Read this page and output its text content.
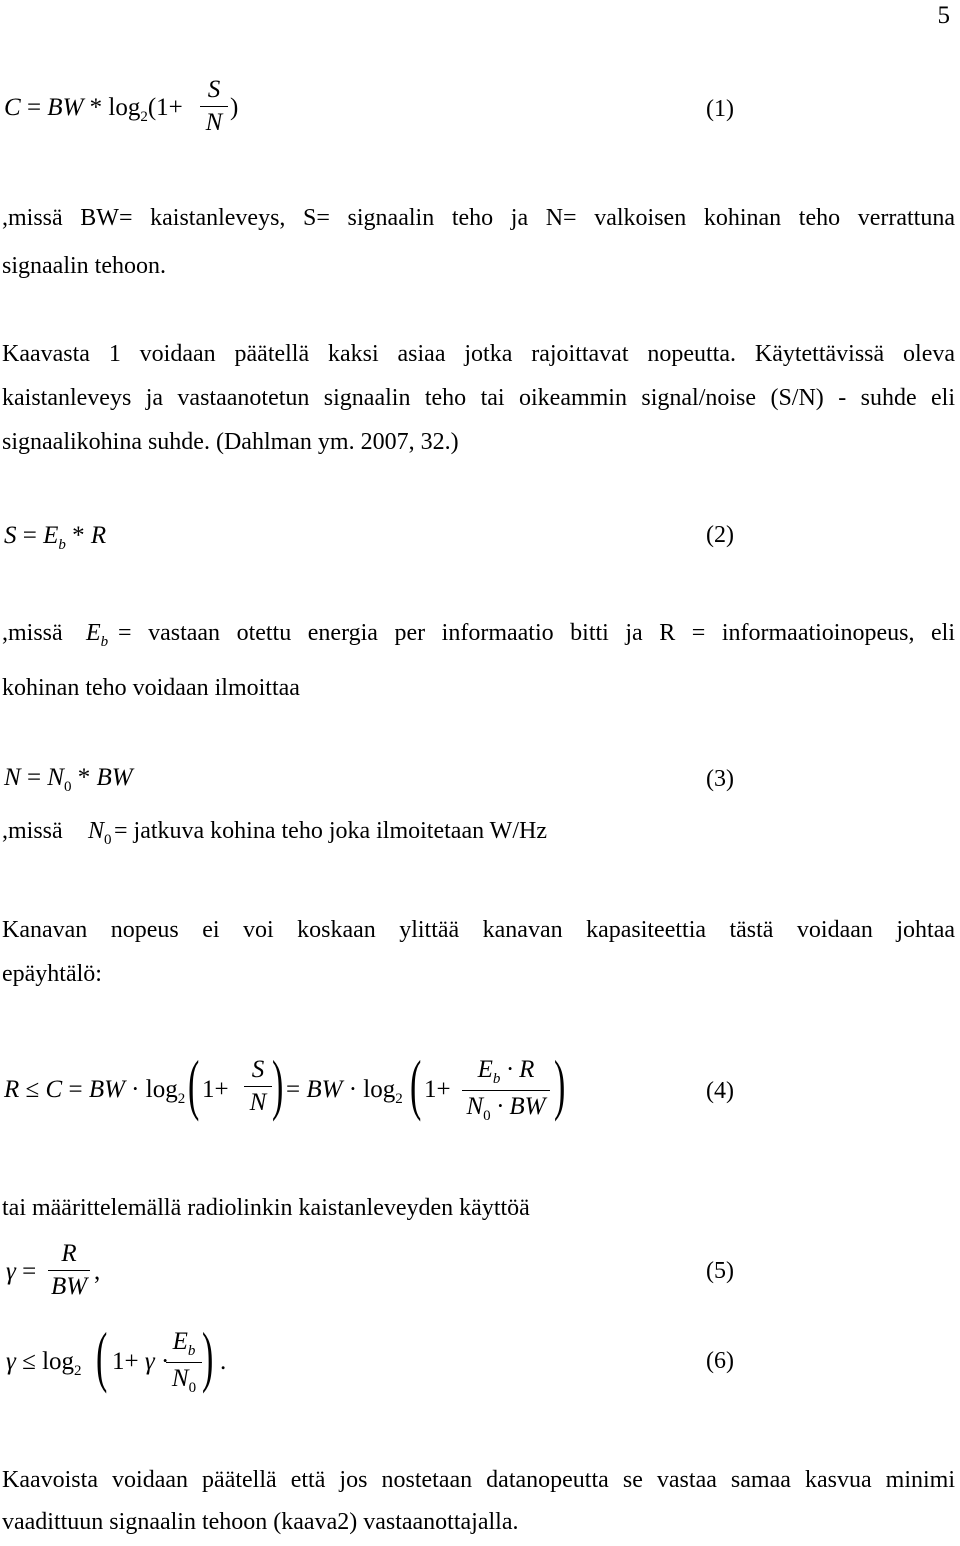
5
C = BW * $\log_2(1+$
S
N
)	(1)
,missä BW= kaistanleveys, S= signaalin teho ja N= valkoisen kohinan teho verrattuna
signaalin tehoon.
Kaavasta 1 voidaan päätellä kaksi asiaa jotka rajoittavat nopeutta. Käytettävissä oleva
kaistanleveys ja vastaanotetun signaalin teho tai oikeammin signal/noise (S/N) - suhde eli
signaalikohina suhde. (Dahlman ym. 2007, 32.)
$S = E_b * R$	(2)
,missä $E_b$ = vastaan otettu energia per informaatio bitti ja R = informaatioinopeus, eli
kohinan teho voidaan ilmoittaa
$N = N_0$ * BW	(3)
,missä $N_0$ = jatkuva kohina teho joka ilmoitetaan W/Hz
Kanavan nopeus ei voi koskaan ylittää kanavan kapasiteettia tästä voidaan johtaa
epäyhtälö:
R ≤ C = BW · $\log_2$ ( 1+
S
N ) = BW · $\log_2$ ( 1+
$E_b \cdot R$
$N_0$ · BW )	(4)
tai määrittelemällä radiolinkin kaistanleveyden käyttöä
γ =
R
BW
,	(5)
$\gamma \le \log_2$ ( 1+ γ ·
$E_b$
$N_0$ ) .	(6)
Kaavoista voidaan päätellä että jos nostetaan datanopeutta se vastaa samaa kasvua minimi
vaadittuun signaalin tehoon (kaava2) vastaanottajalla.
